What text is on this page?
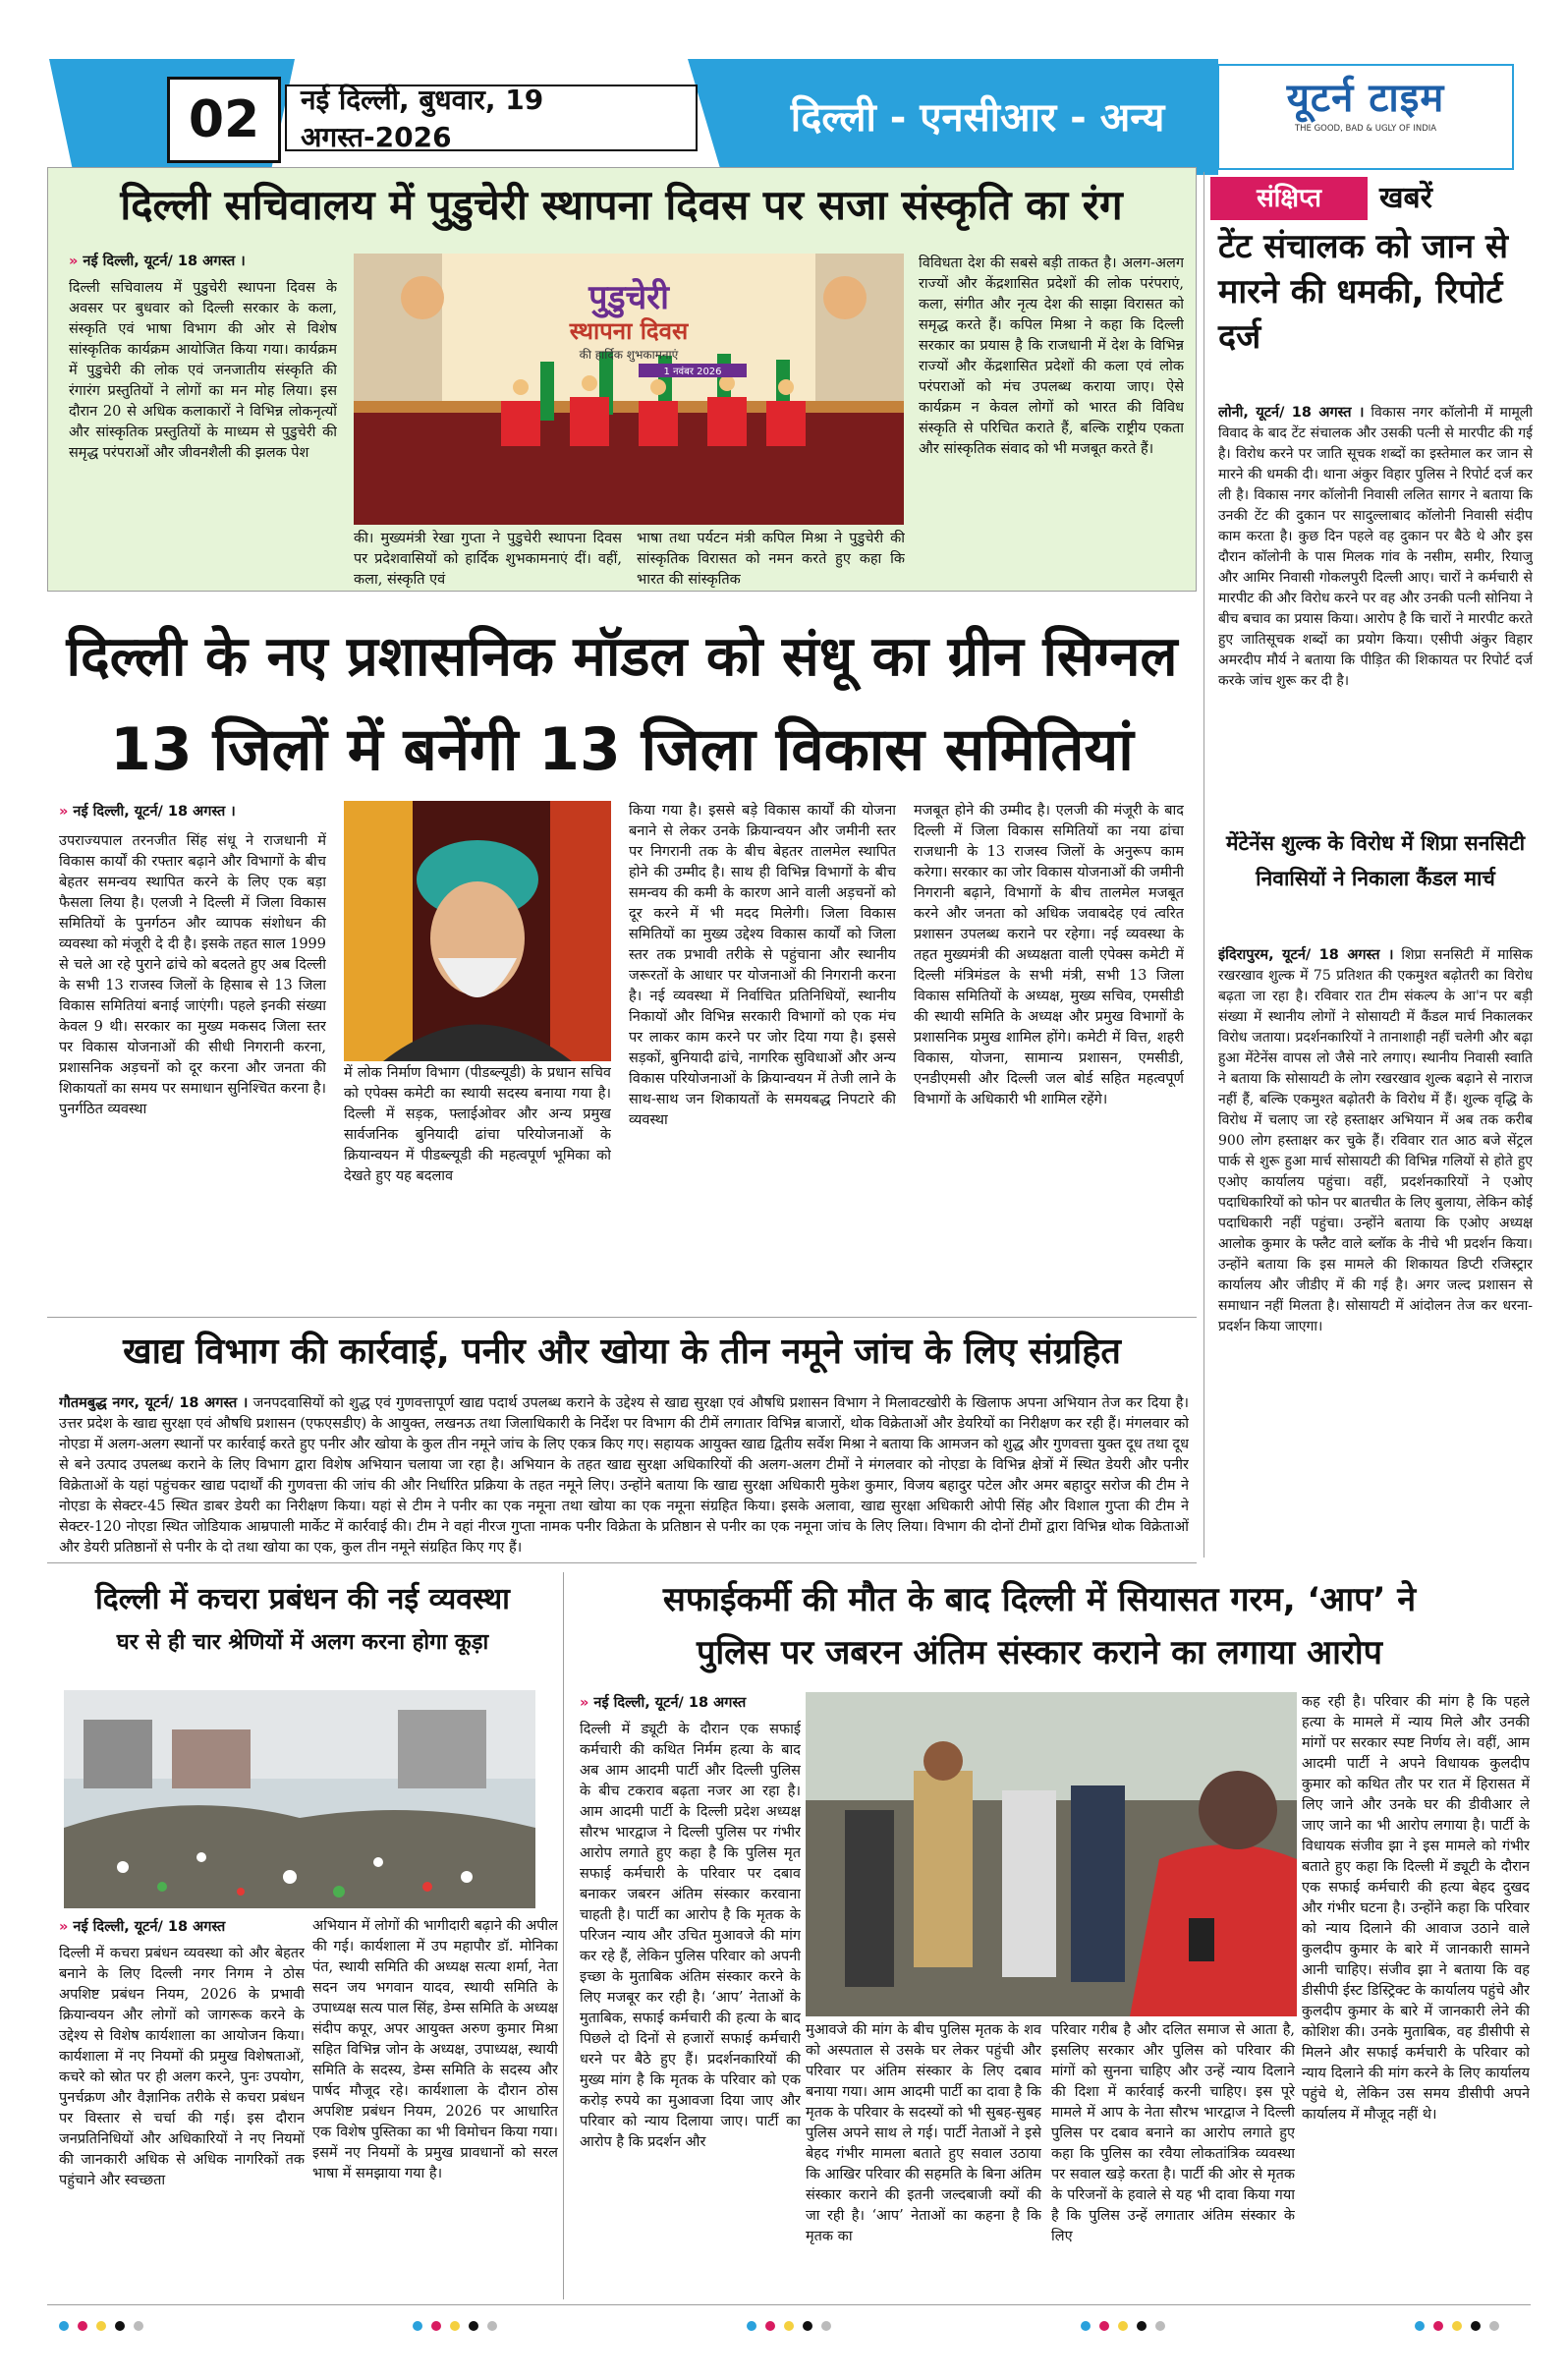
02 नई दिल्ली, बुधवार, 19 अगस्त-2026	दिल्ली - एनसीआर - अन्य	यूटर्न टाइम
THE GOOD, BAD & UGLY OF INDIA
दिल्ली सचिवालय में पुडुचेरी स्थापना दिवस पर सजा संस्कृति का रंग
» नई दिल्ली, यूटर्न/ 18 अगस्त ।
दिल्ली सचिवालय में पुडुचेरी स्थापना दिवस के अवसर पर बुधवार को दिल्ली सरकार के कला, संस्कृति एवं भाषा विभाग की ओर से विशेष सांस्कृतिक कार्यक्रम आयोजित किया गया। कार्यक्रम में पुडुचेरी की लोक एवं जनजातीय संस्कृति की रंगारंग प्रस्तुतियों ने लोगों का मन मोह लिया। इस दौरान 20 से अधिक कलाकारों ने विभिन्न लोकनृत्यों और सांस्कृतिक प्रस्तुतियों के माध्यम से पुडुचेरी की समृद्ध परंपराओं और जीवनशैली की झलक पेश
पुडुचेरी
स्थापना दिवस
की हार्दिक शुभकामनाएं
1 नवंबर 2026
की। मुख्यमंत्री रेखा गुप्ता ने पुडुचेरी स्थापना दिवस पर प्रदेशवासियों को हार्दिक शुभकामनाएं दीं। वहीं, कला, संस्कृति एवं
भाषा तथा पर्यटन मंत्री कपिल मिश्रा ने पुडुचेरी की सांस्कृतिक विरासत को नमन करते हुए कहा कि भारत की सांस्कृतिक
विविधता देश की सबसे बड़ी ताकत है। अलग-अलग राज्यों और केंद्रशासित प्रदेशों की लोक परंपराएं, कला, संगीत और नृत्य देश की साझा विरासत को समृद्ध करते हैं। कपिल मिश्रा ने कहा कि दिल्ली सरकार का प्रयास है कि राजधानी में देश के विभिन्न राज्यों और केंद्रशासित प्रदेशों की कला एवं लोक परंपराओं को मंच उपलब्ध कराया जाए। ऐसे कार्यक्रम न केवल लोगों को भारत की विविध संस्कृति से परिचित कराते हैं, बल्कि राष्ट्रीय एकता और सांस्कृतिक संवाद को भी मजबूत करते हैं।
दिल्ली के नए प्रशासनिक मॉडल को संधू का ग्रीन सिग्नल
13 जिलों में बनेंगी 13 जिला विकास समितियां
» नई दिल्ली, यूटर्न/ 18 अगस्त ।
उपराज्यपाल तरनजीत सिंह संधू ने राजधानी में विकास कार्यों की रफ्तार बढ़ाने और विभागों के बीच बेहतर समन्वय स्थापित करने के लिए एक बड़ा फैसला लिया है। एलजी ने दिल्ली में जिला विकास समितियों के पुनर्गठन और व्यापक संशोधन की व्यवस्था को मंजूरी दे दी है। इसके तहत साल 1999 से चले आ रहे पुराने ढांचे को बदलते हुए अब दिल्ली के सभी 13 राजस्व जिलों के हिसाब से 13 जिला विकास समितियां बनाई जाएंगी। पहले इनकी संख्या केवल 9 थी। सरकार का मुख्य मकसद जिला स्तर पर विकास योजनाओं की सीधी निगरानी करना, प्रशासनिक अड़चनों को दूर करना और जनता की शिकायतों का समय पर समाधान सुनिश्चित करना है। पुनर्गठित व्यवस्था
में लोक निर्माण विभाग (पीडब्ल्यूडी) के प्रधान सचिव को एपेक्स कमेटी का स्थायी सदस्य बनाया गया है। दिल्ली में सड़क, फ्लाईओवर और अन्य प्रमुख सार्वजनिक बुनियादी ढांचा परियोजनाओं के क्रियान्वयन में पीडब्ल्यूडी की महत्वपूर्ण भूमिका को देखते हुए यह बदलाव
किया गया है। इससे बड़े विकास कार्यों की योजना बनाने से लेकर उनके क्रियान्वयन और जमीनी स्तर पर निगरानी तक के बीच बेहतर तालमेल स्थापित होने की उम्मीद है। साथ ही विभिन्न विभागों के बीच समन्वय की कमी के कारण आने वाली अड़चनों को दूर करने में भी मदद मिलेगी। जिला विकास समितियों का मुख्य उद्देश्य विकास कार्यों को जिला स्तर तक प्रभावी तरीके से पहुंचाना और स्थानीय जरूरतों के आधार पर योजनाओं की निगरानी करना है। नई व्यवस्था में निर्वाचित प्रतिनिधियों, स्थानीय निकायों और विभिन्न सरकारी विभागों को एक मंच पर लाकर काम करने पर जोर दिया गया है। इससे सड़कों, बुनियादी ढांचे, नागरिक सुविधाओं और अन्य विकास परियोजनाओं के क्रियान्वयन में तेजी लाने के साथ-साथ जन शिकायतों के समयबद्ध निपटारे की व्यवस्था
मजबूत होने की उम्मीद है। एलजी की मंजूरी के बाद दिल्ली में जिला विकास समितियों का नया ढांचा राजधानी के 13 राजस्व जिलों के अनुरूप काम करेगा। सरकार का जोर विकास योजनाओं की जमीनी निगरानी बढ़ाने, विभागों के बीच तालमेल मजबूत करने और जनता को अधिक जवाबदेह एवं त्वरित प्रशासन उपलब्ध कराने पर रहेगा। नई व्यवस्था के तहत मुख्यमंत्री की अध्यक्षता वाली एपेक्स कमेटी में दिल्ली मंत्रिमंडल के सभी मंत्री, सभी 13 जिला विकास समितियों के अध्यक्ष, मुख्य सचिव, एमसीडी की स्थायी समिति के अध्यक्ष और प्रमुख विभागों के प्रशासनिक प्रमुख शामिल होंगे। कमेटी में वित्त, शहरी विकास, योजना, सामान्य प्रशासन, एमसीडी, एनडीएमसी और दिल्ली जल बोर्ड सहित महत्वपूर्ण विभागों के अधिकारी भी शामिल रहेंगे।
खाद्य विभाग की कार्रवाई, पनीर और खोया के तीन नमूने जांच के लिए संग्रहित
गौतमबुद्ध नगर, यूटर्न/ 18 अगस्त । जनपदवासियों को शुद्ध एवं गुणवत्तापूर्ण खाद्य पदार्थ उपलब्ध कराने के उद्देश्य से खाद्य सुरक्षा एवं औषधि प्रशासन विभाग ने मिलावटखोरी के खिलाफ अपना अभियान तेज कर दिया है। उत्तर प्रदेश के खाद्य सुरक्षा एवं औषधि प्रशासन (एफएसडीए) के आयुक्त, लखनऊ तथा जिलाधिकारी के निर्देश पर विभाग की टीमें लगातार विभिन्न बाजारों, थोक विक्रेताओं और डेयरियों का निरीक्षण कर रही हैं। मंगलवार को नोएडा में अलग-अलग स्थानों पर कार्रवाई करते हुए पनीर और खोया के कुल तीन नमूने जांच के लिए एकत्र किए गए। सहायक आयुक्त खाद्य द्वितीय सर्वेश मिश्रा ने बताया कि आमजन को शुद्ध और गुणवत्ता युक्त दूध तथा दूध से बने उत्पाद उपलब्ध कराने के लिए विभाग द्वारा विशेष अभियान चलाया जा रहा है। अभियान के तहत खाद्य सुरक्षा अधिकारियों की अलग-अलग टीमों ने मंगलवार को नोएडा के विभिन्न क्षेत्रों में स्थित डेयरी और पनीर विक्रेताओं के यहां पहुंचकर खाद्य पदार्थों की गुणवत्ता की जांच की और निर्धारित प्रक्रिया के तहत नमूने लिए। उन्होंने बताया कि खाद्य सुरक्षा अधिकारी मुकेश कुमार, विजय बहादुर पटेल और अमर बहादुर सरोज की टीम ने नोएडा के सेक्टर-45 स्थित डाबर डेयरी का निरीक्षण किया। यहां से टीम ने पनीर का एक नमूना तथा खोया का एक नमूना संग्रहित किया। इसके अलावा, खाद्य सुरक्षा अधिकारी ओपी सिंह और विशाल गुप्ता की टीम ने सेक्टर-120 नोएडा स्थित जोडियाक आम्रपाली मार्केट में कार्रवाई की। टीम ने वहां नीरज गुप्ता नामक पनीर विक्रेता के प्रतिष्ठान से पनीर का एक नमूना जांच के लिए लिया। विभाग की दोनों टीमों द्वारा विभिन्न थोक विक्रेताओं और डेयरी प्रतिष्ठानों से पनीर के दो तथा खोया का एक, कुल तीन नमूने संग्रहित किए गए हैं।
संक्षिप्त	खबरें
टेंट संचालक को जान से मारने की धमकी, रिपोर्ट दर्ज
लोनी, यूटर्न/ 18 अगस्त । विकास नगर कॉलोनी में मामूली विवाद के बाद टेंट संचालक और उसकी पत्नी से मारपीट की गई है। विरोध करने पर जाति सूचक शब्दों का इस्तेमाल कर जान से मारने की धमकी दी। थाना अंकुर विहार पुलिस ने रिपोर्ट दर्ज कर ली है। विकास नगर कॉलोनी निवासी ललित सागर ने बताया कि उनकी टेंट की दुकान पर सादुल्लाबाद कॉलोनी निवासी संदीप काम करता है। कुछ दिन पहले वह दुकान पर बैठे थे और इस दौरान कॉलोनी के पास मिलक गांव के नसीम, समीर, रियाजु और आमिर निवासी गोकलपुरी दिल्ली आए। चारों ने कर्मचारी से मारपीट की और विरोध करने पर वह और उनकी पत्नी सोनिया ने बीच बचाव का प्रयास किया। आरोप है कि चारों ने मारपीट करते हुए जातिसूचक शब्दों का प्रयोग किया। एसीपी अंकुर विहार अमरदीप मौर्य ने बताया कि पीड़ित की शिकायत पर रिपोर्ट दर्ज करके जांच शुरू कर दी है।
मेंटेनेंस शुल्क के विरोध में शिप्रा सनसिटी निवासियों ने निकाला कैंडल मार्च
इंदिरापुरम, यूटर्न/ 18 अगस्त । शिप्रा सनसिटी में मासिक रखरखाव शुल्क में 75 प्रतिशत की एकमुश्त बढ़ोतरी का विरोध बढ़ता जा रहा है। रविवार रात टीम संकल्प के आ'न पर बड़ी संख्या में स्थानीय लोगों ने सोसायटी में कैंडल मार्च निकालकर विरोध जताया। प्रदर्शनकारियों ने तानाशाही नहीं चलेगी और बढ़ा हुआ मेंटेनेंस वापस लो जैसे नारे लगाए। स्थानीय निवासी स्वाति ने बताया कि सोसायटी के लोग रखरखाव शुल्क बढ़ाने से नाराज नहीं हैं, बल्कि एकमुश्त बढ़ोतरी के विरोध में हैं। शुल्क वृद्धि के विरोध में चलाए जा रहे हस्ताक्षर अभियान में अब तक करीब 900 लोग हस्ताक्षर कर चुके हैं। रविवार रात आठ बजे सेंट्रल पार्क से शुरू हुआ मार्च सोसायटी की विभिन्न गलियों से होते हुए एओए कार्यालय पहुंचा। वहीं, प्रदर्शनकारियों ने एओए पदाधिकारियों को फोन पर बातचीत के लिए बुलाया, लेकिन कोई पदाधिकारी नहीं पहुंचा। उन्होंने बताया कि एओए अध्यक्ष आलोक कुमार के फ्लैट वाले ब्लॉक के नीचे भी प्रदर्शन किया। उन्होंने बताया कि इस मामले की शिकायत डिप्टी रजिस्ट्रार कार्यालय और जीडीए में की गई है। अगर जल्द प्रशासन से समाधान नहीं मिलता है। सोसायटी में आंदोलन तेज कर धरना-प्रदर्शन किया जाएगा।
दिल्ली में कचरा प्रबंधन की नई व्यवस्था
घर से ही चार श्रेणियों में अलग करना होगा कूड़ा
» नई दिल्ली, यूटर्न/ 18 अगस्त
दिल्ली में कचरा प्रबंधन व्यवस्था को और बेहतर बनाने के लिए दिल्ली नगर निगम ने ठोस अपशिष्ट प्रबंधन नियम, 2026 के प्रभावी क्रियान्वयन और लोगों को जागरूक करने के उद्देश्य से विशेष कार्यशाला का आयोजन किया। कार्यशाला में नए नियमों की प्रमुख विशेषताओं, कचरे को स्रोत पर ही अलग करने, पुनः उपयोग, पुनर्चक्रण और वैज्ञानिक तरीके से कचरा प्रबंधन पर विस्तार से चर्चा की गई। इस दौरान जनप्रतिनिधियों और अधिकारियों ने नए नियमों की जानकारी अधिक से अधिक नागरिकों तक पहुंचाने और स्वच्छता
अभियान में लोगों की भागीदारी बढ़ाने की अपील की गई। कार्यशाला में उप महापौर डॉ. मोनिका पंत, स्थायी समिति की अध्यक्ष सत्या शर्मा, नेता सदन जय भगवान यादव, स्थायी समिति के उपाध्यक्ष सत्य पाल सिंह, डेम्स समिति के अध्यक्ष संदीप कपूर, अपर आयुक्त अरुण कुमार मिश्रा सहित विभिन्न जोन के अध्यक्ष, उपाध्यक्ष, स्थायी समिति के सदस्य, डेम्स समिति के सदस्य और पार्षद मौजूद रहे। कार्यशाला के दौरान ठोस अपशिष्ट प्रबंधन नियम, 2026 पर आधारित एक विशेष पुस्तिका का भी विमोचन किया गया। इसमें नए नियमों के प्रमुख प्रावधानों को सरल भाषा में समझाया गया है।
सफाईकर्मी की मौत के बाद दिल्ली में सियासत गरम, ‘आप’ ने
पुलिस पर जबरन अंतिम संस्कार कराने का लगाया आरोप
» नई दिल्ली, यूटर्न/ 18 अगस्त
दिल्ली में ड्यूटी के दौरान एक सफाई कर्मचारी की कथित निर्मम हत्या के बाद अब आम आदमी पार्टी और दिल्ली पुलिस के बीच टकराव बढ़ता नजर आ रहा है। आम आदमी पार्टी के दिल्ली प्रदेश अध्यक्ष सौरभ भारद्वाज ने दिल्ली पुलिस पर गंभीर आरोप लगाते हुए कहा है कि पुलिस मृत सफाई कर्मचारी के परिवार पर दबाव बनाकर जबरन अंतिम संस्कार करवाना चाहती है। पार्टी का आरोप है कि मृतक के परिजन न्याय और उचित मुआवजे की मांग कर रहे हैं, लेकिन पुलिस परिवार को अपनी इच्छा के मुताबिक अंतिम संस्कार करने के लिए मजबूर कर रही है। ‘आप’ नेताओं के मुताबिक, सफाई कर्मचारी की हत्या के बाद पिछले दो दिनों से हजारों सफाई कर्मचारी धरने पर बैठे हुए हैं। प्रदर्शनकारियों की मुख्य मांग है कि मृतक के परिवार को एक करोड़ रुपये का मुआवजा दिया जाए और परिवार को न्याय दिलाया जाए। पार्टी का आरोप है कि प्रदर्शन और
मुआवजे की मांग के बीच पुलिस मृतक के शव को अस्पताल से उसके घर लेकर पहुंची और परिवार पर अंतिम संस्कार के लिए दबाव बनाया गया। आम आदमी पार्टी का दावा है कि मृतक के परिवार के सदस्यों को भी सुबह-सुबह पुलिस अपने साथ ले गई। पार्टी नेताओं ने इसे बेहद गंभीर मामला बताते हुए सवाल उठाया कि आखिर परिवार की सहमति के बिना अंतिम संस्कार कराने की इतनी जल्दबाजी क्यों की जा रही है। ‘आप’ नेताओं का कहना है कि मृतक का
परिवार गरीब है और दलित समाज से आता है, इसलिए सरकार और पुलिस को परिवार की मांगों को सुनना चाहिए और उन्हें न्याय दिलाने की दिशा में कार्रवाई करनी चाहिए। इस पूरे मामले में आप के नेता सौरभ भारद्वाज ने दिल्ली पुलिस पर दबाव बनाने का आरोप लगाते हुए कहा कि पुलिस का रवैया लोकतांत्रिक व्यवस्था पर सवाल खड़े करता है। पार्टी की ओर से मृतक के परिजनों के हवाले से यह भी दावा किया गया है कि पुलिस उन्हें लगातार अंतिम संस्कार के लिए
कह रही है। परिवार की मांग है कि पहले हत्या के मामले में न्याय मिले और उनकी मांगों पर सरकार स्पष्ट निर्णय ले। वहीं, आम आदमी पार्टी ने अपने विधायक कुलदीप कुमार को कथित तौर पर रात में हिरासत में लिए जाने और उनके घर की डीवीआर ले जाए जाने का भी आरोप लगाया है। पार्टी के विधायक संजीव झा ने इस मामले को गंभीर बताते हुए कहा कि दिल्ली में ड्यूटी के दौरान एक सफाई कर्मचारी की हत्या बेहद दुखद और गंभीर घटना है। उन्होंने कहा कि परिवार को न्याय दिलाने की आवाज उठाने वाले कुलदीप कुमार के बारे में जानकारी सामने आनी चाहिए। संजीव झा ने बताया कि वह डीसीपी ईस्ट डिस्ट्रिक्ट के कार्यालय पहुंचे और कुलदीप कुमार के बारे में जानकारी लेने की कोशिश की। उनके मुताबिक, वह डीसीपी से मिलने और सफाई कर्मचारी के परिवार को न्याय दिलाने की मांग करने के लिए कार्यालय पहुंचे थे, लेकिन उस समय डीसीपी अपने कार्यालय में मौजूद नहीं थे।
